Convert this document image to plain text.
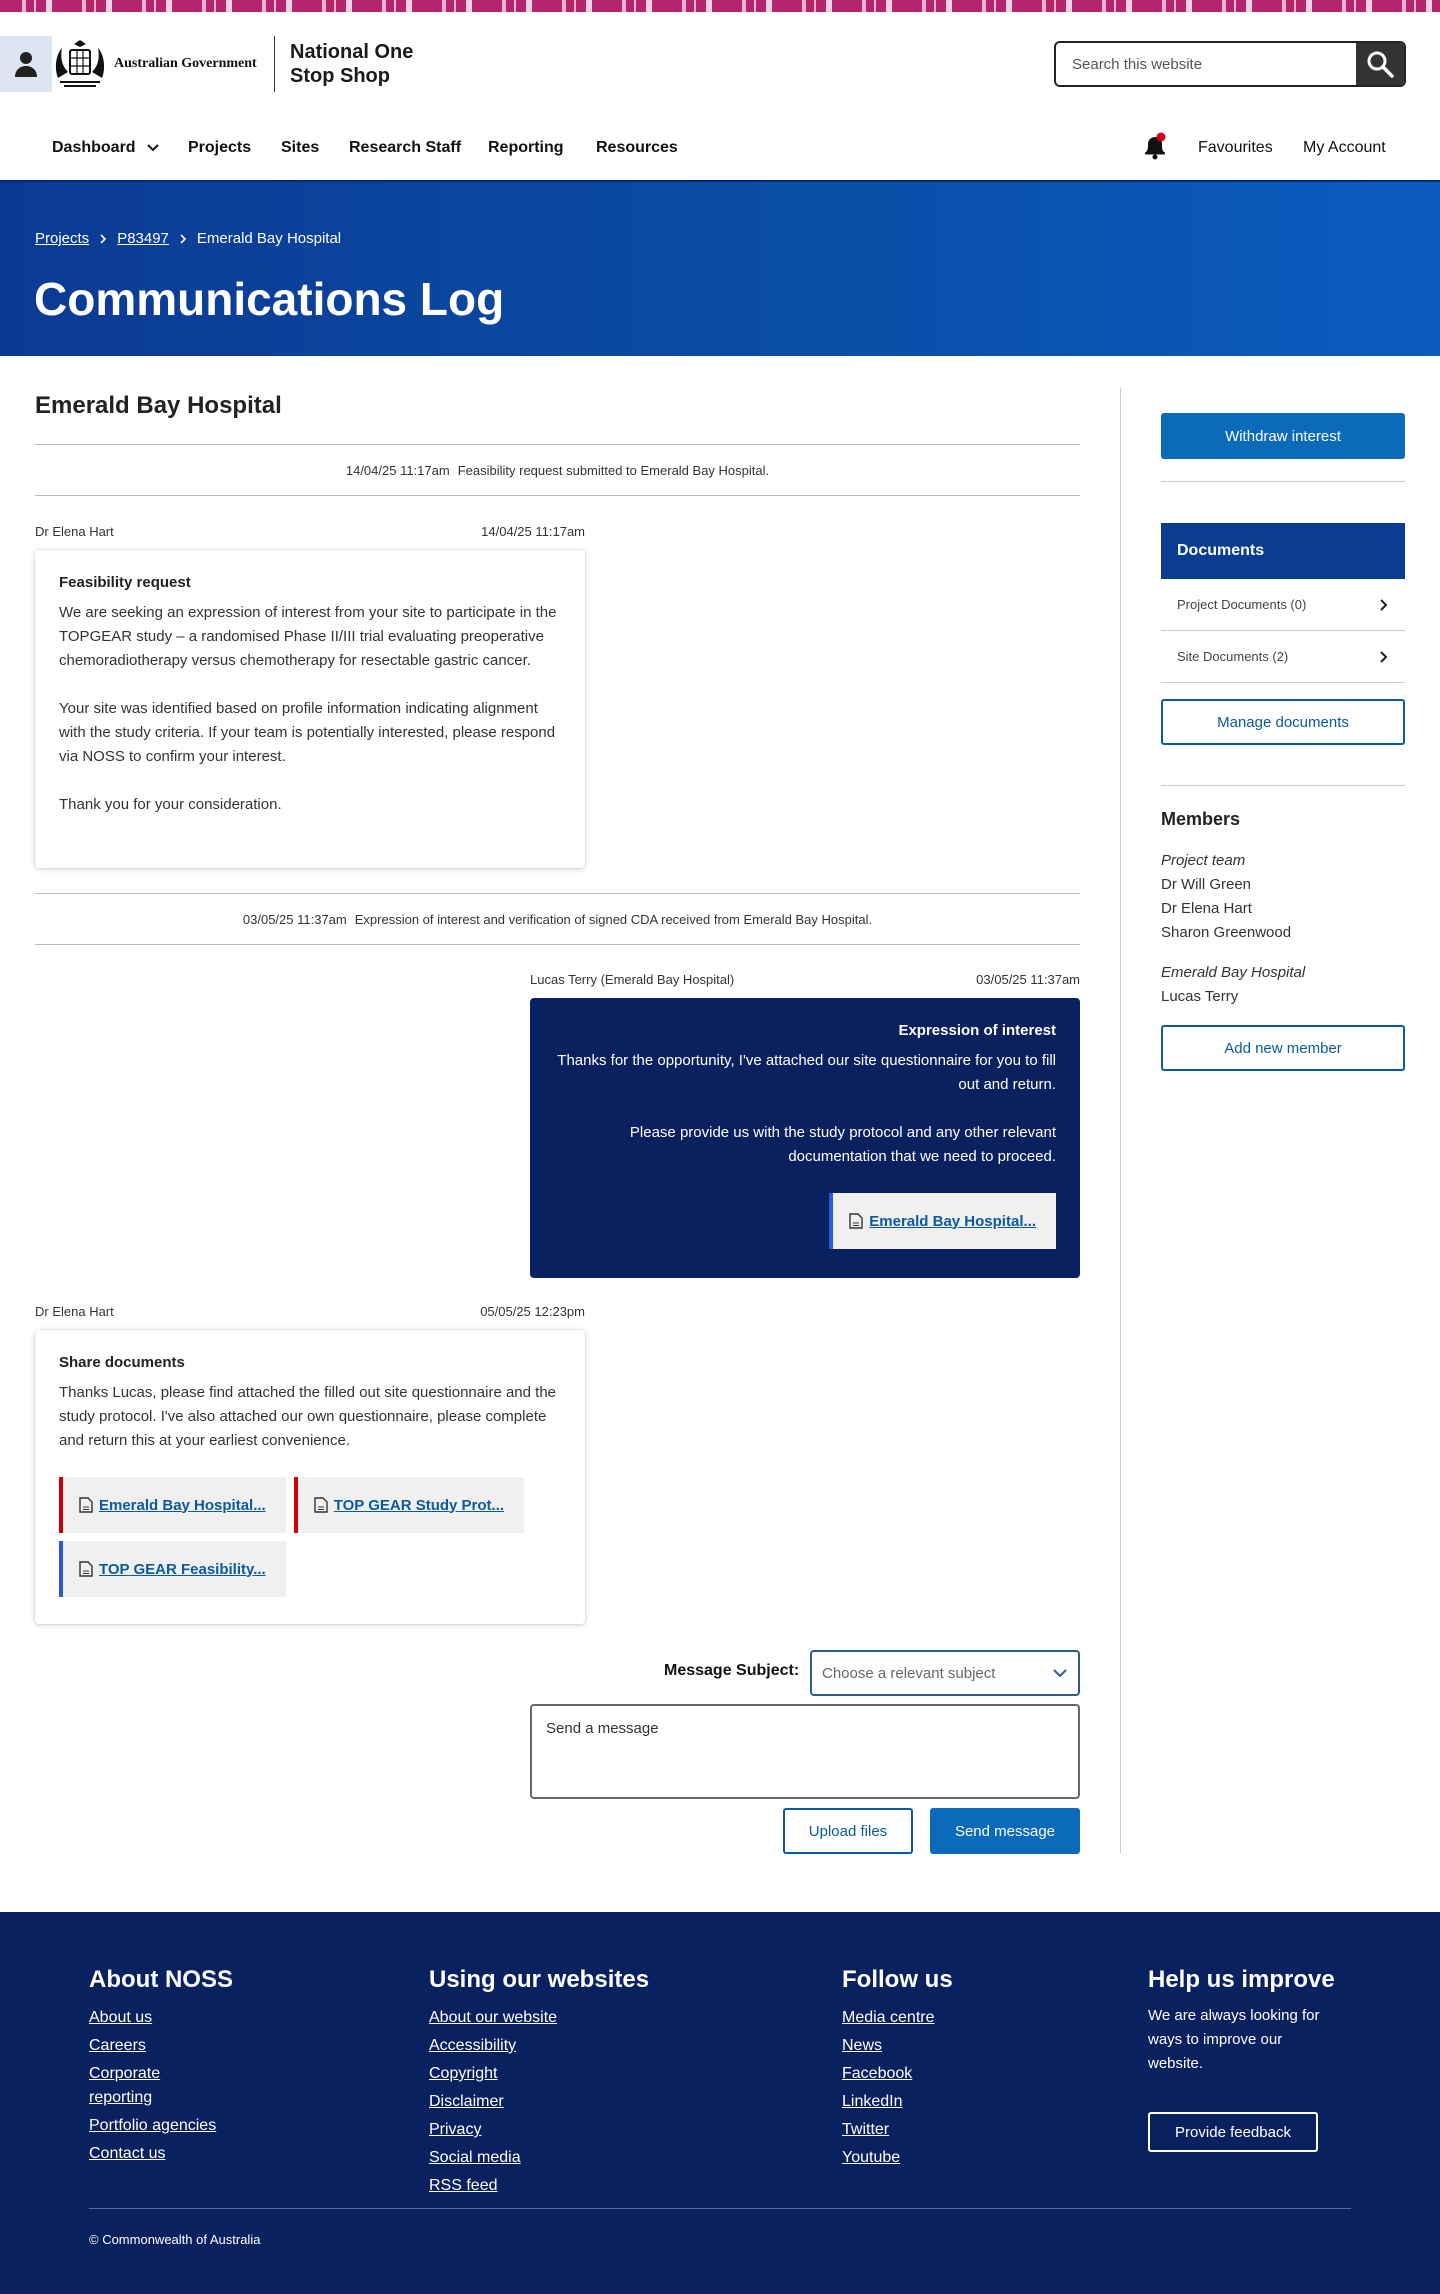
Australian Government
National One Stop Shop
Search this website
Dashboard	Projects Sites Research Staff Reporting Resources	Favourites My Account
Projects P83497 Emerald Bay Hospital
Communications Log
Emerald Bay Hospital
14/04/25 11:17am Feasibility request submitted to Emerald Bay Hospital.
Dr Elena Hart	14/04/25 11:17am
Feasibility request

We are seeking an expression of interest from your site to participate in the TOPGEAR study – a randomised Phase II/III trial evaluating preoperative chemoradiotherapy versus chemotherapy for resectable gastric cancer.

Your site was identified based on profile information indicating alignment with the study criteria. If your team is potentially interested, please respond via NOSS to confirm your interest.

Thank you for your consideration.

03/05/25 11:37am Expression of interest and verification of signed CDA received from Emerald Bay Hospital.
Lucas Terry (Emerald Bay Hospital)	03/05/25 11:37am
Expression of interest

Thanks for the opportunity, I've attached our site questionnaire for you to fill out and return.

Please provide us with the study protocol and any other relevant documentation that we need to proceed.

Emerald Bay Hospital...
Dr Elena Hart	05/05/25 12:23pm
Share documents

Thanks Lucas, please find attached the filled out site questionnaire and the study protocol. I've also attached our own questionnaire, please complete and return this at your earliest convenience.

Emerald Bay Hospital...	TOP GEAR Study Prot...
TOP GEAR Feasibility...
Message Subject: Choose a relevant subject
Send a message
Upload files	Send message
Withdraw interest
Documents
Project Documents (0)
Site Documents (2)
Manage documents
Members
Project team
Dr Will Green
Dr Elena Hart
Sharon Greenwood
Emerald Bay Hospital
Lucas Terry
Add new member
About NOSS
About us
Careers
Corporate reporting
Portfolio agencies
Contact us
Using our websites
About our website
Accessibility
Copyright
Disclaimer
Privacy
Social media
RSS feed
Follow us
Media centre
News
Facebook
LinkedIn
Twitter
Youtube
Help us improve

We are always looking for ways to improve our website.

Provide feedback
© Commonwealth of Australia
